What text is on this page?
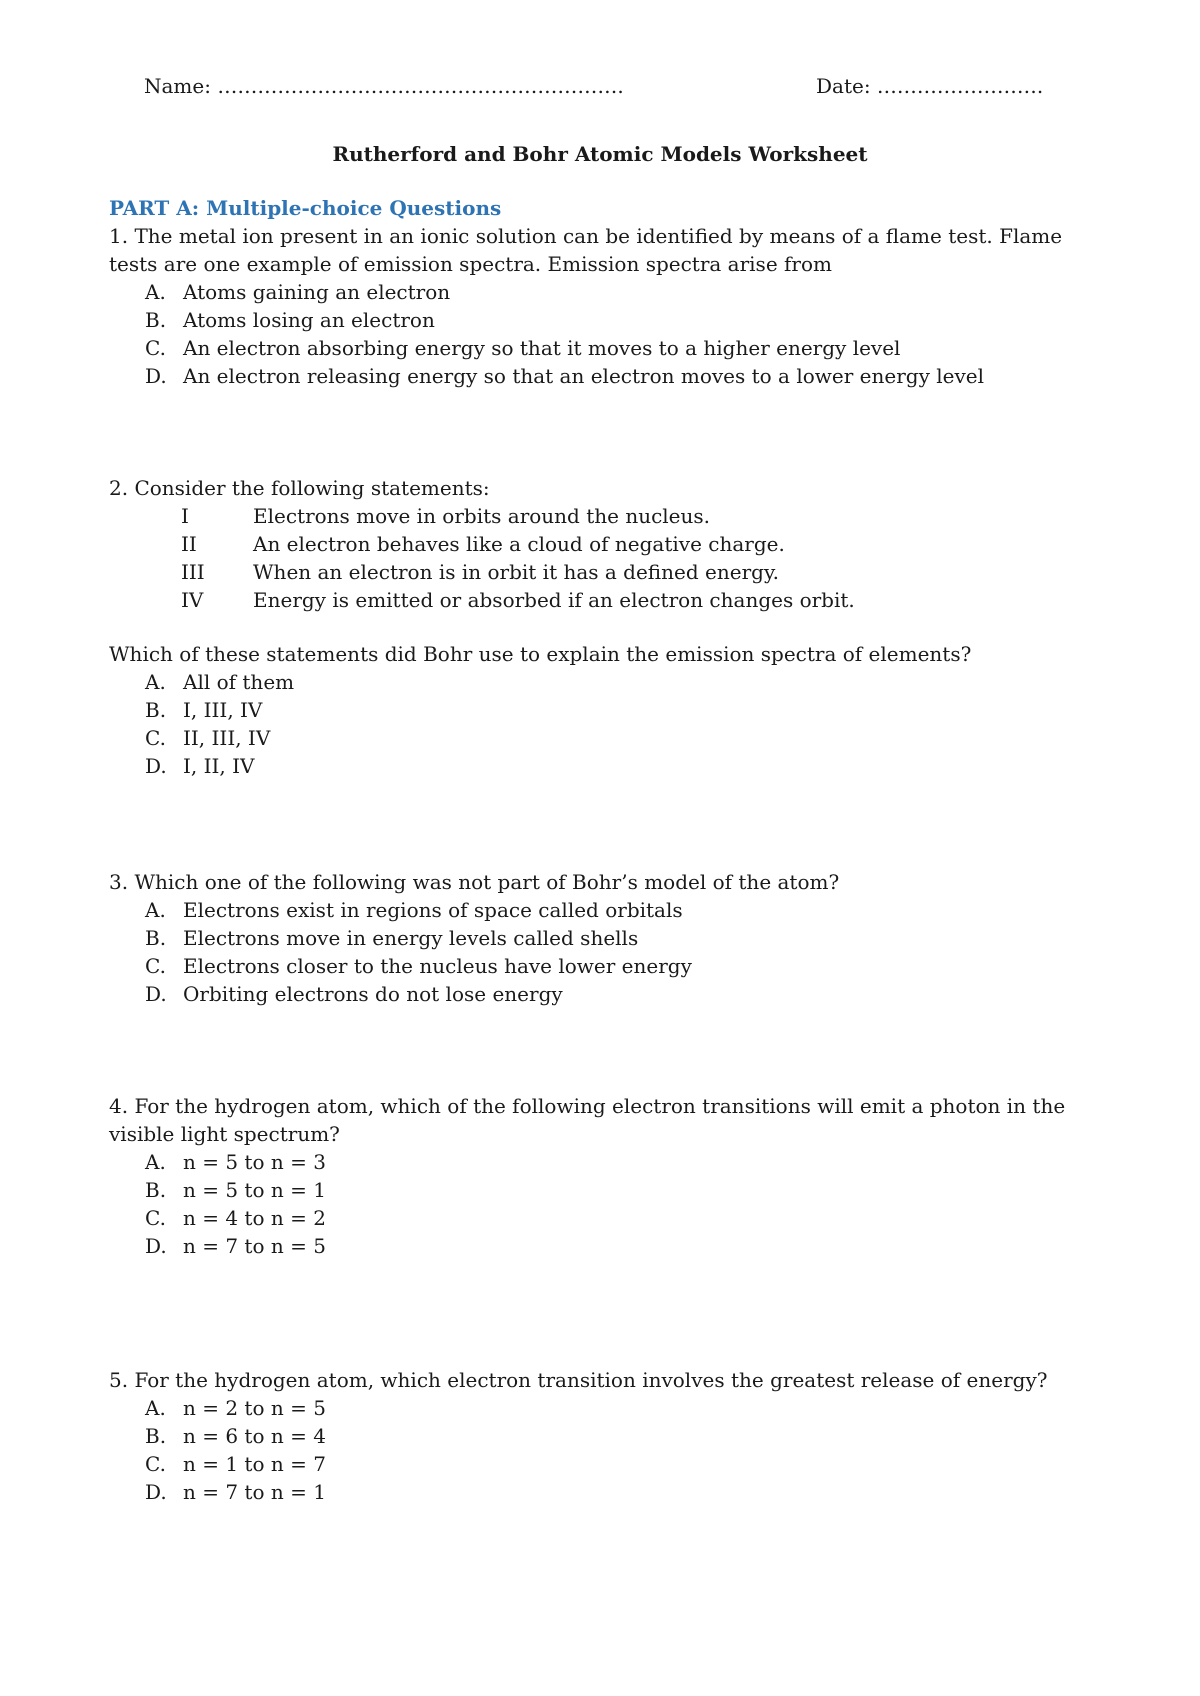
Name: …………………………………………………….	Date: …………………….
Rutherford and Bohr Atomic Models Worksheet
PART A: Multiple-choice Questions

1. The metal ion present in an ionic solution can be identified by means of a flame test. Flame tests are one example of emission spectra. Emission spectra arise from

A. Atoms gaining an electron
B. Atoms losing an electron
C. An electron absorbing energy so that it moves to a higher energy level
D. An electron releasing energy so that an electron moves to a lower energy level

2. Consider the following statements:

I	Electrons move in orbits around the nucleus.
II	An electron behaves like a cloud of negative charge.
III	When an electron is in orbit it has a defined energy.
IV	Energy is emitted or absorbed if an electron changes orbit.

Which of these statements did Bohr use to explain the emission spectra of elements?

A. All of them
B. I, III, IV
C. II, III, IV
D. I, II, IV

3. Which one of the following was not part of Bohr’s model of the atom?

A. Electrons exist in regions of space called orbitals
B. Electrons move in energy levels called shells
C. Electrons closer to the nucleus have lower energy
D. Orbiting electrons do not lose energy

4. For the hydrogen atom, which of the following electron transitions will emit a photon in the visible light spectrum?

A. n = 5 to n = 3
B. n = 5 to n = 1
C. n = 4 to n = 2
D. n = 7 to n = 5

5. For the hydrogen atom, which electron transition involves the greatest release of energy?

A. n = 2 to n = 5
B. n = 6 to n = 4
C. n = 1 to n = 7
D. n = 7 to n = 1
